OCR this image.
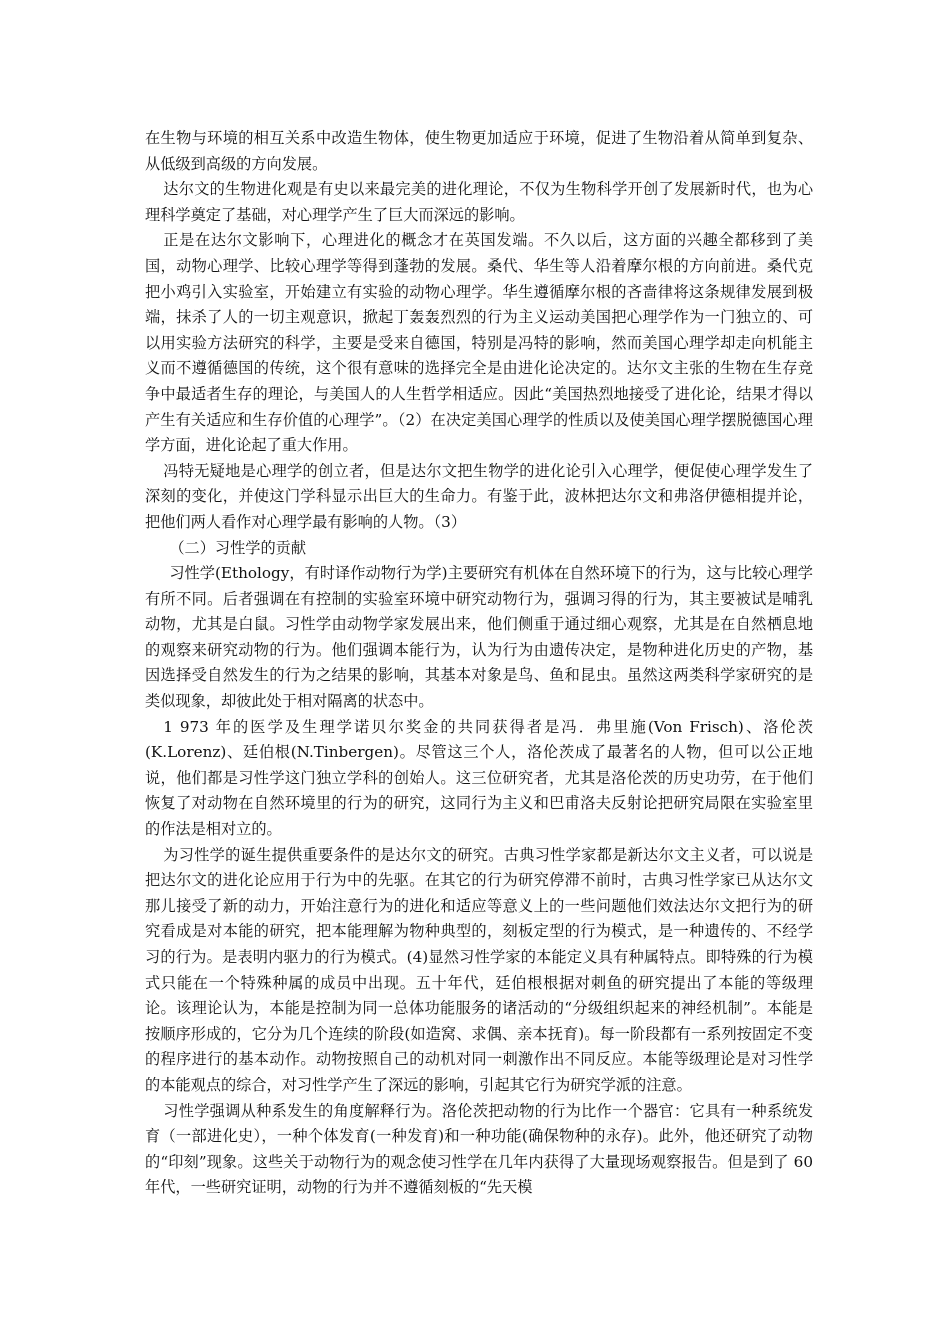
在生物与环境的相互关系中改造生物体，使生物更加适应于环境，促进了生物沿着从简单到复杂、从低级到高级的方向发展。

达尔文的生物进化观是有史以来最完美的进化理论，不仅为生物科学开创了发展新时代，也为心理科学奠定了基础，对心理学产生了巨大而深远的影响。

正是在达尔文影响下，心理进化的概念才在英国发端。不久以后，这方面的兴趣全都移到了美国，动物心理学、比较心理学等得到蓬勃的发展。桑代、华生等人沿着摩尔根的方向前进。桑代克把小鸡引入实验室，开始建立有实验的动物心理学。华生遵循摩尔根的吝啬律将这条规律发展到极端，抹杀了人的一切主观意识，掀起丁轰轰烈烈的行为主义运动美国把心理学作为一门独立的、可以用实验方法研究的科学，主要是受来自德国，特别是冯特的影响，然而美国心理学却走向机能主义而不遵循德国的传统，这个很有意味的选择完全是由进化论决定的。达尔文主张的生物在生存竞争中最适者生存的理论，与美国人的人生哲学相适应。因此“美国热烈地接受了进化论，结果才得以产生有关适应和生存价值的心理学”。（2）在决定美国心理学的性质以及使美国心理学摆脱德国心理学方面，进化论起了重大作用。

冯特无疑地是心理学的创立者，但是达尔文把生物学的进化论引入心理学，便促使心理学发生了深刻的变化，并使这门学科显示出巨大的生命力。有鉴于此，波林把达尔文和弗洛伊德相提并论，把他们两人看作对心理学最有影响的人物。（3）

（二）习性学的贡献

习性学(Ethology，有时译作动物行为学)主要研究有机体在自然环境下的行为，这与比较心理学有所不同。后者强调在有控制的实验室环境中研究动物行为，强调习得的行为，其主要被试是哺乳动物，尤其是白鼠。习性学由动物学家发展出来，他们侧重于通过细心观察，尤其是在自然栖息地的观察来研究动物的行为。他们强调本能行为，认为行为由遗传决定，是物种进化历史的产物，基因选择受自然发生的行为之结果的影响，其基本对象是鸟、鱼和昆虫。虽然这两类科学家研究的是类似现象，却彼此处于相对隔离的状态中。

1 973 年的医学及生理学诺贝尔奖金的共同获得者是冯．弗里施(Von Frisch)、洛伦茨(K.Lorenz)、廷伯根(N.Tinbergen)。尽管这三个人，洛伦茨成了最著名的人物，但可以公正地说，他们都是习性学这门独立学科的创始人。这三位研究者，尤其是洛伦茨的历史功劳，在于他们恢复了对动物在自然环境里的行为的研究，这同行为主义和巴甫洛夫反射论把研究局限在实验室里的作法是相对立的。

为习性学的诞生提供重要条件的是达尔文的研究。古典习性学家都是新达尔文主义者，可以说是把达尔文的进化论应用于行为中的先驱。在其它的行为研究停滞不前时，古典习性学家已从达尔文那儿接受了新的动力，开始注意行为的进化和适应等意义上的一些问题他们效法达尔文把行为的研究看成是对本能的研究，把本能理解为物种典型的，刻板定型的行为模式，是一种遗传的、不经学习的行为。是表明内驱力的行为模式。(4)显然习性学家的本能定义具有种属特点。即特殊的行为模式只能在一个特殊种属的成员中出现。五十年代，廷伯根根据对刺鱼的研究提出了本能的等级理论。该理论认为，本能是控制为同一总体功能服务的诸活动的“分级组织起来的神经机制”。本能是按顺序形成的，它分为几个连续的阶段(如造窝、求偶、亲本抚育)。每一阶段都有一系列按固定不变的程序进行的基本动作。动物按照自己的动机对同一刺激作出不同反应。本能等级理论是对习性学的本能观点的综合，对习性学产生了深远的影响，引起其它行为研究学派的注意。

习性学强调从种系发生的角度解释行为。洛伦茨把动物的行为比作一个器官：它具有一种系统发育（一部进化史），一种个体发育(一种发育)和一种功能(确保物种的永存)。此外，他还研究了动物的“印刻”现象。这些关于动物行为的观念使习性学在几年内获得了大量现场观察报告。但是到了 60 年代，一些研究证明，动物的行为并不遵循刻板的“先天模
